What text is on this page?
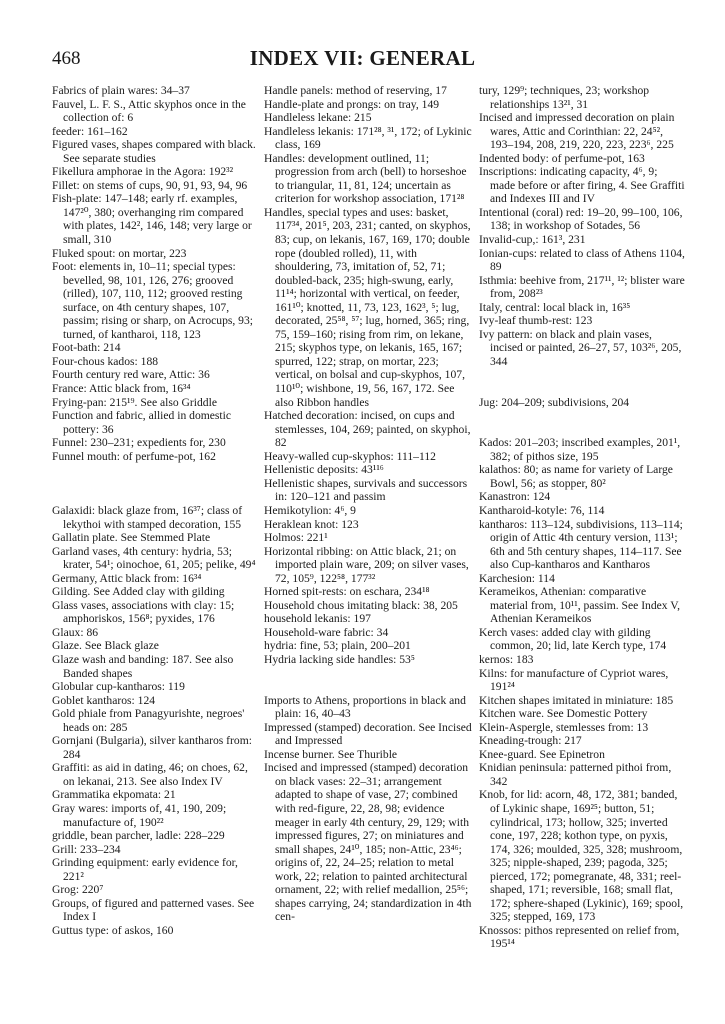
468	INDEX VII: GENERAL
Fabrics of plain wares: 34–37
Fauvel, L. F. S., Attic skyphos once in the collection of: 6
feeder: 161–162
Figured vases, shapes compared with black. See separate studies
Fikellura amphorae in the Agora: 192³²
Fillet: on stems of cups, 90, 91, 93, 94, 96
Fish-plate: 147–148; early rf. examples, 147²⁰, 380; overhanging rim compared with plates, 142², 146, 148; very large or small, 310
Fluked spout: on mortar, 223
Foot: elements in, 10–11; special types: bevelled, 98, 101, 126, 276; grooved (rilled), 107, 110, 112; grooved resting surface, on 4th century shapes, 107, passim; rising or sharp, on Acrocups, 93; turned, of kantharoi, 118, 123
Foot-bath: 214
Four-chous kados: 188
Fourth century red ware, Attic: 36
France: Attic black from, 16³⁴
Frying-pan: 215¹⁹. See also Griddle
Function and fabric, allied in domestic pottery: 36
Funnel: 230–231; expedients for, 230
Funnel mouth: of perfume-pot, 162
Galaxidi: black glaze from, 16³⁷; class of lekythoi with stamped decoration, 155
Gallatin plate. See Stemmed Plate
Garland vases, 4th century: hydria, 53; krater, 54¹; oinochoe, 61, 205; pelike, 49⁴
Germany, Attic black from: 16³⁴
Gilding. See Added clay with gilding
Glass vases, associations with clay: 15; amphoriskos, 156⁸; pyxides, 176
Glaux: 86
Glaze. See Black glaze
Glaze wash and banding: 187. See also Banded shapes
Globular cup-kantharos: 119
Goblet kantharos: 124
Gold phiale from Panagyurishte, negroes' heads on: 285
Gornjani (Bulgaria), silver kantharos from: 284
Graffiti: as aid in dating, 46; on choes, 62, on lekanai, 213. See also Index IV
Grammatika ekpomata: 21
Gray wares: imports of, 41, 190, 209; manufacture of, 190²²
griddle, bean parcher, ladle: 228–229
Grill: 233–234
Grinding equipment: early evidence for, 221²
Grog: 220⁷
Groups, of figured and patterned vases. See Index I
Guttus type: of askos, 160
Handle panels: method of reserving, 17
Handle-plate and prongs: on tray, 149
Handleless lekane: 215
Handleless lekanis: 171²⁸, ³¹, 172; of Lykinic class, 169
Handles: development outlined, 11; progression from arch (bell) to horseshoe to triangular, 11, 81, 124; uncertain as criterion for workshop association, 171²⁸
Handles, special types and uses: basket, 117³⁴, 201⁵, 203, 231; canted, on skyphos, 83; cup, on lekanis, 167, 169, 170; double rope (doubled rolled), 11, with shouldering, 73, imitation of, 52, 71; doubled-back, 235; high-swung, early, 11¹⁴; horizontal with vertical, on feeder, 161¹⁰; knotted, 11, 73, 123, 162³, ⁵; lug, decorated, 25⁵⁸, ⁵⁷; lug, horned, 365; ring, 75, 159–160; rising from rim, on lekane, 215; skyphos type, on lekanis, 165, 167; spurred, 122; strap, on mortar, 223; vertical, on bolsal and cup-skyphos, 107, 110¹⁰; wishbone, 19, 56, 167, 172. See also Ribbon handles
Hatched decoration: incised, on cups and stemlesses, 104, 269; painted, on skyphoi, 82
Heavy-walled cup-skyphos: 111–112
Hellenistic deposits: 43¹¹⁶
Hellenistic shapes, survivals and successors in: 120–121 and passim
Hemikotylion: 4⁶, 9
Heraklean knot: 123
Holmos: 221¹
Horizontal ribbing: on Attic black, 21; on imported plain ware, 209; on silver vases, 72, 105⁹, 122⁵⁸, 177³²
Horned spit-rests: on eschara, 234¹⁸
Household chous imitating black: 38, 205
household lekanis: 197
Household-ware fabric: 34
hydria: fine, 53; plain, 200–201
Hydria lacking side handles: 53⁵
Imports to Athens, proportions in black and plain: 16, 40–43
Impressed (stamped) decoration. See Incised and Impressed
Incense burner. See Thurible
Incised and impressed (stamped) decoration on black vases: 22–31; arrangement adapted to shape of vase, 27; combined with red-figure, 22, 28, 98; evidence meager in early 4th century, 29, 129; with impressed figures, 27; on miniatures and small shapes, 24¹⁰, 185; non-Attic, 23⁴⁶; origins of, 22, 24–25; relation to metal work, 22; relation to painted architectural ornament, 22; with relief medallion, 25⁵⁶; shapes carrying, 24; standardization in 4th cen-
tury, 129⁹; techniques, 23; workshop relationships 13²¹, 31
Incised and impressed decoration on plain wares, Attic and Corinthian: 22, 24⁵², 193–194, 208, 219, 220, 223, 223⁶, 225
Indented body: of perfume-pot, 163
Inscriptions: indicating capacity, 4⁶, 9; made before or after firing, 4. See Graffiti and Indexes III and IV
Intentional (coral) red: 19–20, 99–100, 106, 138; in workshop of Sotades, 56
Invalid-cup,: 161³, 231
Ionian-cups: related to class of Athens 1104, 89
Isthmia: beehive from, 217¹¹, ¹²; blister ware from, 208²³
Italy, central: local black in, 16³⁵
Ivy-leaf thumb-rest: 123
Ivy pattern: on black and plain vases, incised or painted, 26–27, 57, 103²⁶, 205, 344
Jug: 204–209; subdivisions, 204
Kados: 201–203; inscribed examples, 201¹, 382; of pithos size, 195
kalathos: 80; as name for variety of Large Bowl, 56; as stopper, 80²
Kanastron: 124
Kantharoid-kotyle: 76, 114
kantharos: 113–124, subdivisions, 113–114; origin of Attic 4th century version, 113¹; 6th and 5th century shapes, 114–117. See also Cup-kantharos and Kantharos
Karchesion: 114
Kerameikos, Athenian: comparative material from, 10¹¹, passim. See Index V, Athenian Kerameikos
Kerch vases: added clay with gilding common, 20; lid, late Kerch type, 174
kernos: 183
Kilns: for manufacture of Cypriot wares, 191²⁴
Kitchen shapes imitated in miniature: 185
Kitchen ware. See Domestic Pottery
Klein-Aspergle, stemlesses from: 13
Kneading-trough: 217
Knee-guard. See Epinetron
Knidian peninsula: patterned pithoi from, 342
Knob, for lid: acorn, 48, 172, 381; banded, of Lykinic shape, 169²⁵; button, 51; cylindrical, 173; hollow, 325; inverted cone, 197, 228; kothon type, on pyxis, 174, 326; moulded, 325, 328; mushroom, 325; nipple-shaped, 239; pagoda, 325; pierced, 172; pomegranate, 48, 331; reel-shaped, 171; reversible, 168; small flat, 172; sphere-shaped (Lykinic), 169; spool, 325; stepped, 169, 173
Knossos: pithos represented on relief from, 195¹⁴
